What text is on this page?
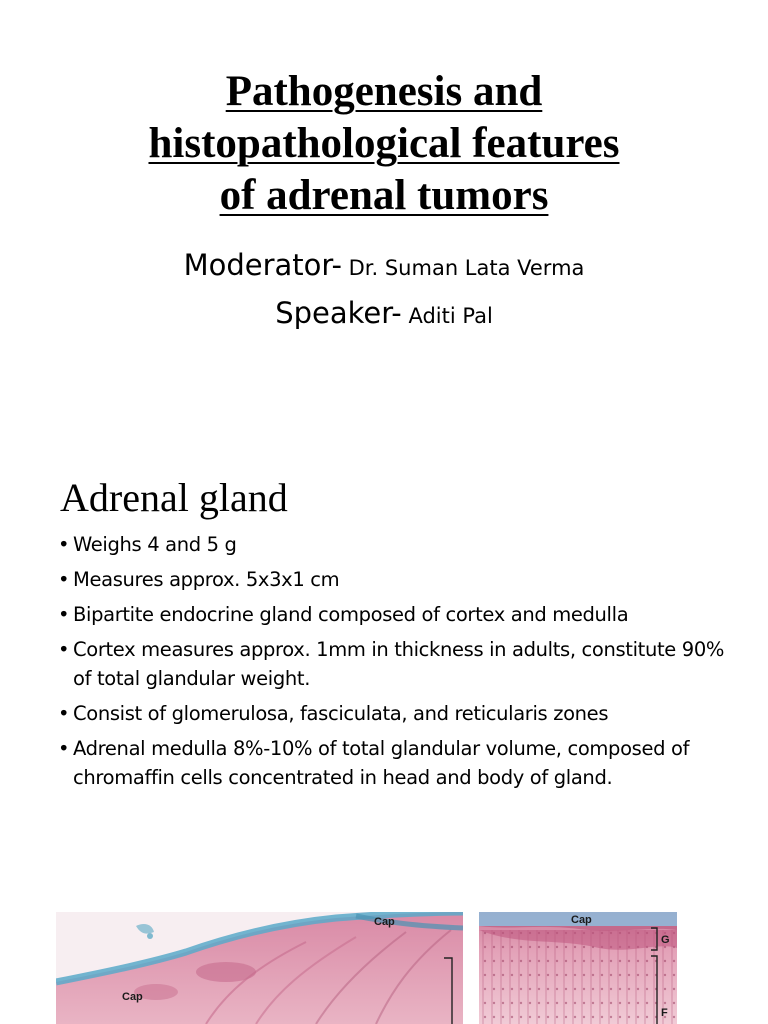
Pathogenesis and
histopathological features
of adrenal tumors
Moderator- Dr. Suman Lata Verma
Speaker- Aditi Pal
Adrenal gland
• Weighs 4 and 5 g
• Measures approx. 5x3x1 cm
• Bipartite endocrine gland composed of cortex and medulla
• Cortex measures approx. 1mm in thickness in adults, constitute 90% of total glandular weight.
• Consist of glomerulosa, fasciculata, and reticularis zones
• Adrenal medulla 8%-10% of total glandular volume, composed of chromaffin cells concentrated in head and body of gland.
Cap
Cap
Cap
G
F
